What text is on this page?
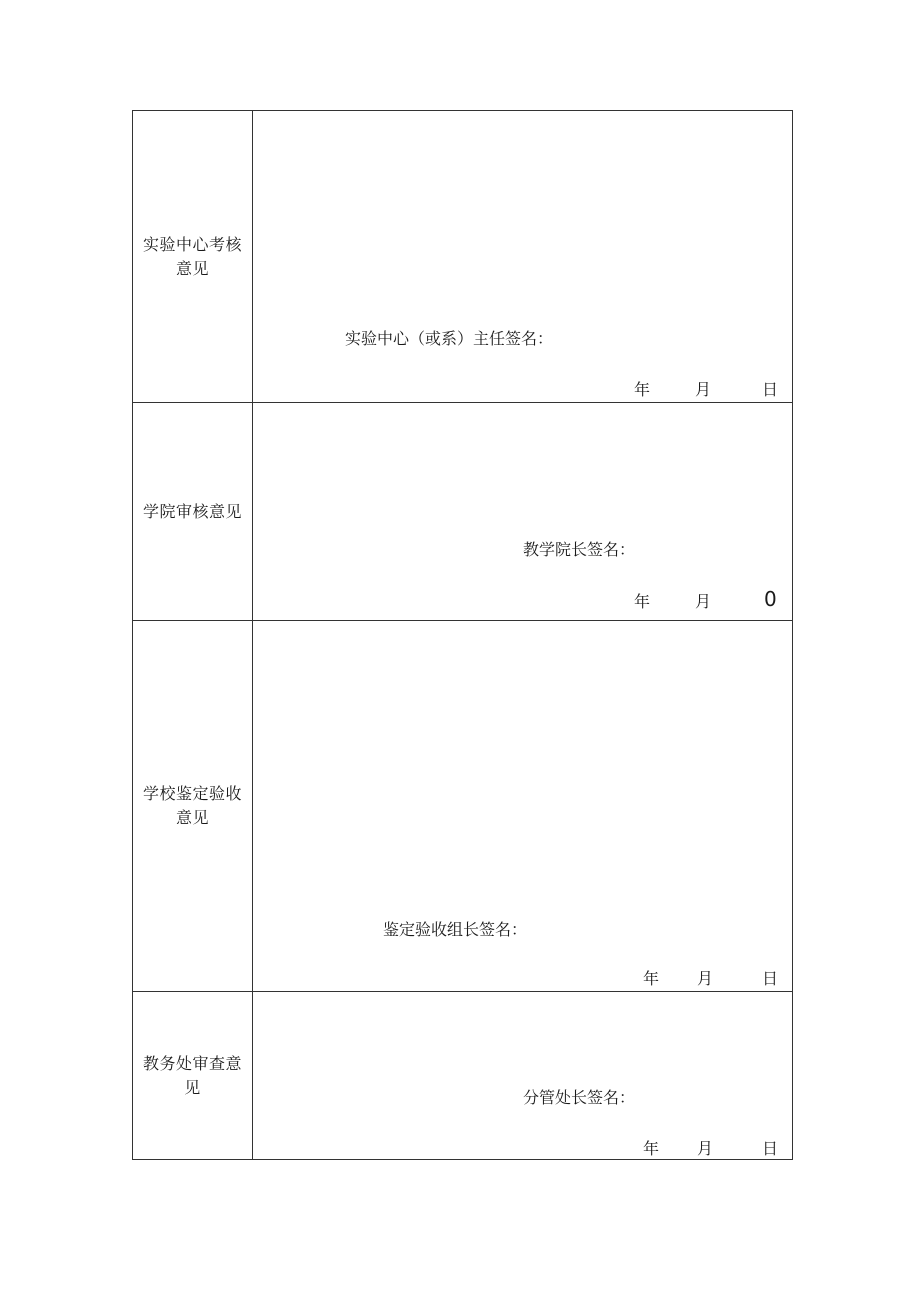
实验中心考核意见
实验中心（或系）主任签名：
年	月	日
学院审核意见
教学院长签名：
年	月	0
学校鉴定验收意见
鉴定验收组长签名：
年 月	日
教务处审查意见
分管处长签名：
年 月	日
